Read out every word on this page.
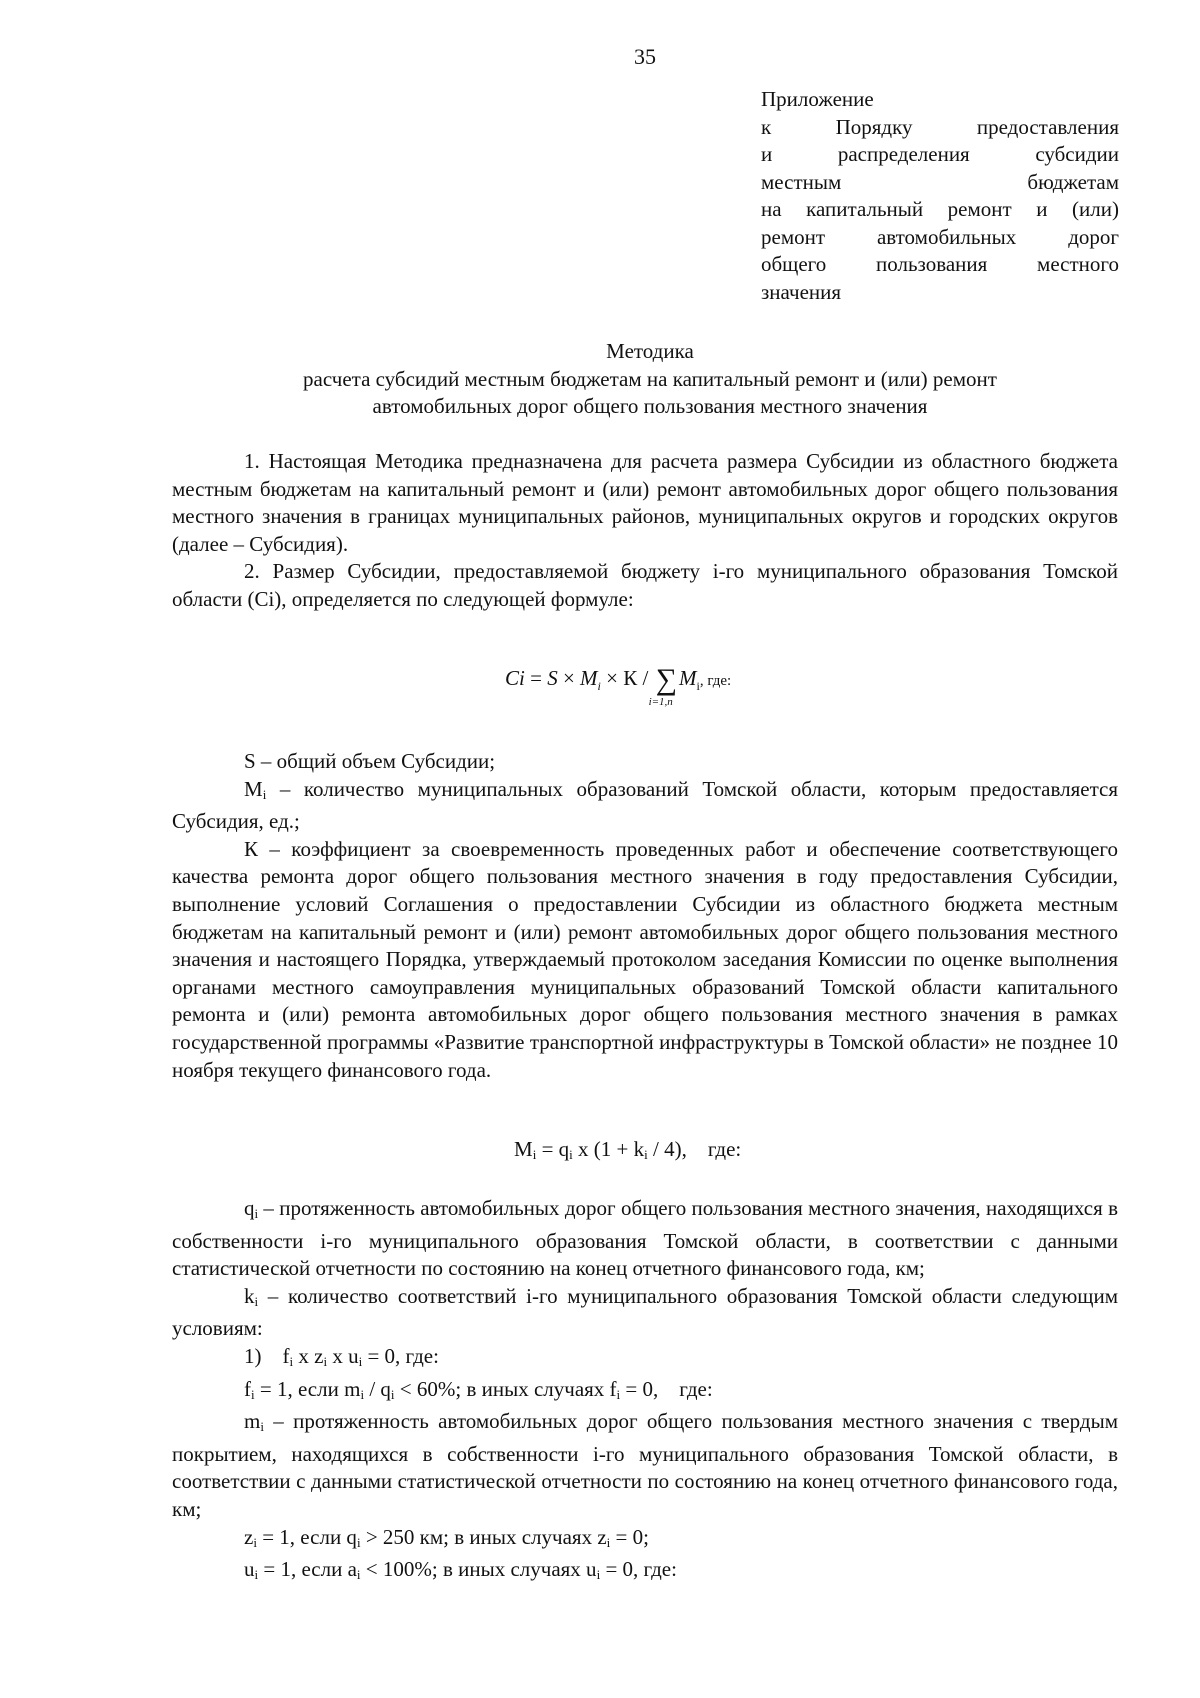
35
Приложение
к Порядку предоставления
и распределения субсидии
местным бюджетам
на капитальный ремонт и (или)
ремонт автомобильных дорог
общего пользования местного
значения
Методика
расчета субсидий местным бюджетам на капитальный ремонт и (или) ремонт
автомобильных дорог общего пользования местного значения

1. Настоящая Методика предназначена для расчета размера Субсидии из областного бюджета местным бюджетам на капитальный ремонт и (или) ремонт автомобильных дорог общего пользования местного значения в границах муниципальных районов, муниципальных округов и городских округов (далее – Субсидия).

2. Размер Субсидии, предоставляемой бюджету i-го муниципального образования Томской области (Ci), определяется по следующей формуле:

$Ci = S \times M_i \times К$ / ∑
i=1,n
$M_i$, где:

S – общий объем Субсидии;

$M_i$ – количество муниципальных образований Томской области, которым предоставляется Субсидия, ед.;

К – коэффициент за своевременность проведенных работ и обеспечение соответствующего качества ремонта дорог общего пользования местного значения в году предоставления Субсидии, выполнение условий Соглашения о предоставлении Субсидии из областного бюджета местным бюджетам на капитальный ремонт и (или) ремонт автомобильных дорог общего пользования местного значения и настоящего Порядка, утверждаемый протоколом заседания Комиссии по оценке выполнения органами местного самоуправления муниципальных образований Томской области капитального ремонта и (или) ремонта автомобильных дорог общего пользования местного значения в рамках государственной программы «Развитие транспортной инфраструктуры в Томской области» не позднее 10 ноября текущего финансового года.

$M_i = q_i$ x $(1 + k_i / 4)$, где:

$q_i$ – протяженность автомобильных дорог общего пользования местного значения, находящихся в собственности i-го муниципального образования Томской области, в соответствии с данными статистической отчетности по состоянию на конец отчетного финансового года, км;

$k_i$ – количество соответствий i-го муниципального образования Томской области следующим условиям:

1) $f_i$ x $z_i$ x $u_i = 0$, где:

$f_i = 1$, если $m_i / q_i < 60\%$; в иных случаях $f_i = 0$, где:

$m_i$ – протяженность автомобильных дорог общего пользования местного значения с твердым покрытием, находящихся в собственности i-го муниципального образования Томской области, в соответствии с данными статистической отчетности по состоянию на конец отчетного финансового года, км;

$z_i = 1$, если $q_i > 250$ км; в иных случаях $z_i = 0$;

$u_i = 1$, если $a_i < 100\%$; в иных случаях $u_i = 0$, где:
